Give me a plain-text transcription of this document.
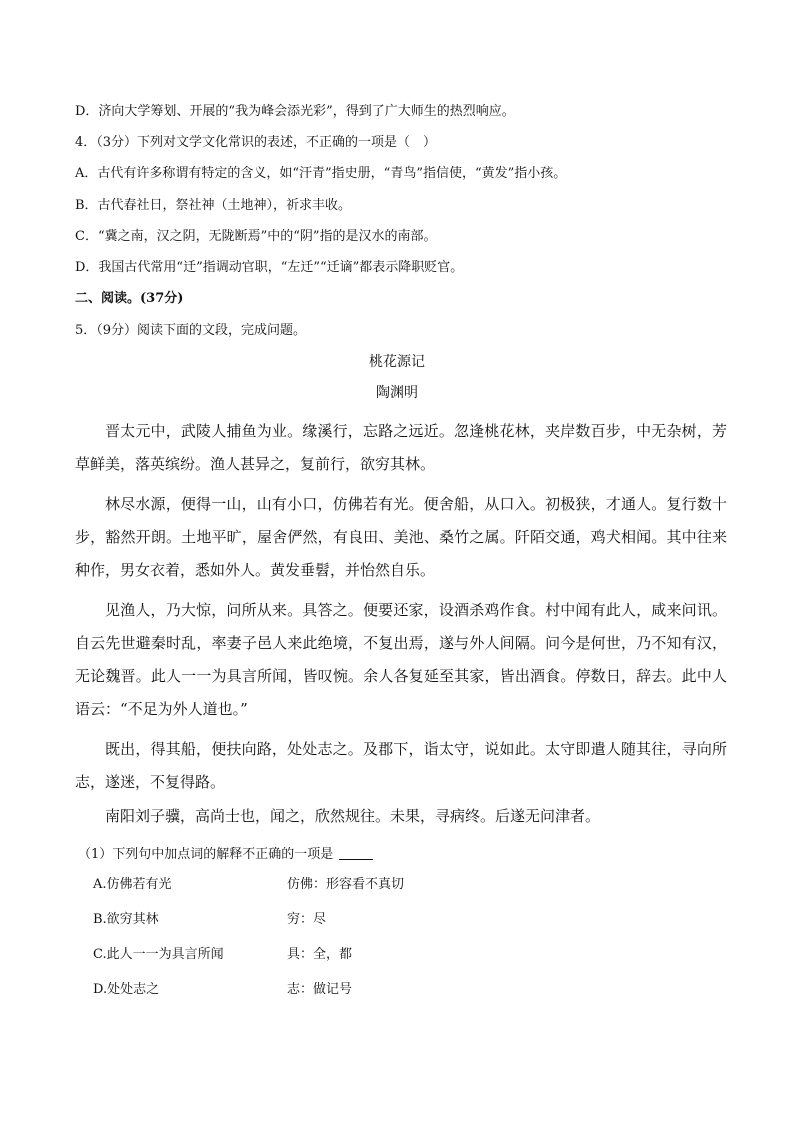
D．济向大学筹划、开展的“我为峰会添光彩”，得到了广大师生的热烈响应。
4．（3分）下列对文学文化常识的表述，不正确的一项是（　）
A．古代有许多称谓有特定的含义，如“汗青”指史册，“青鸟”指信使，“黄发”指小孩。
B．古代春社日，祭社神（土地神），祈求丰收。
C．“冀之南，汉之阴，无陇断焉”中的“阴”指的是汉水的南部。
D．我国古代常用“迁”指调动官职，“左迁”“迁谪”都表示降职贬官。
二、阅读。(37分)
5．（9分）阅读下面的文段，完成问题。
桃花源记
陶渊明
晋太元中，武陵人捕鱼为业。缘溪行，忘路之远近。忽逢桃花林，夹岸数百步，中无杂树，芳草鲜美，落英缤纷。渔人甚异之，复前行，欲穷其林。
林尽水源，便得一山，山有小口，仿佛若有光。便舍船，从口入。初极狭，才通人。复行数十步，豁然开朗。土地平旷，屋舍俨然，有良田、美池、桑竹之属。阡陌交通，鸡犬相闻。其中往来种作，男女衣着，悉如外人。黄发垂髫，并怡然自乐。
见渔人，乃大惊，问所从来。具答之。便要还家，设酒杀鸡作食。村中闻有此人，咸来问讯。自云先世避秦时乱，率妻子邑人来此绝境，不复出焉，遂与外人间隔。问今是何世，乃不知有汉，无论魏晋。此人一一为具言所闻，皆叹惋。余人各复延至其家，皆出酒食。停数日，辞去。此中人语云：“不足为外人道也。”
既出，得其船，便扶向路，处处志之。及郡下，诣太守，说如此。太守即遣人随其往，寻向所志，遂迷，不复得路。
南阳刘子骥，高尚士也，闻之，欣然规往。未果，寻病终。后遂无问津者。
（1）下列句中加点词的解释不正确的一项是
A.仿佛若有光	仿佛：形容看不真切
B.欲穷其林	穷：尽
C.此人一一为具言所闻	具：全，都
D.处处志之	志：做记号
